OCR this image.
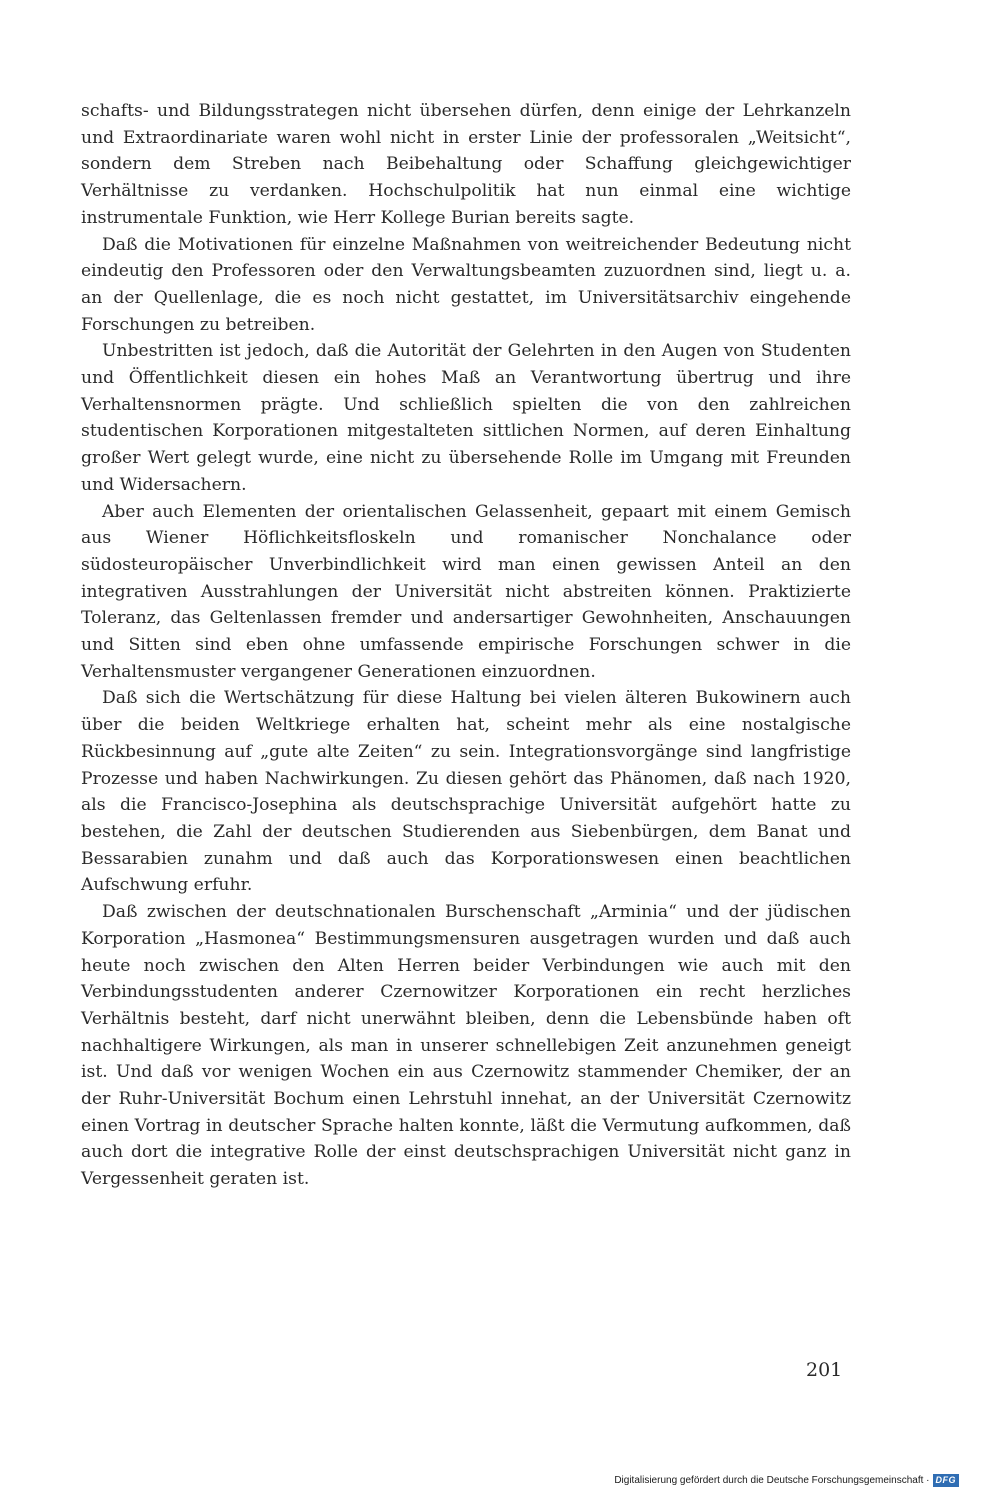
schafts- und Bildungsstrategen nicht übersehen dürfen, denn einige der Lehrkanzeln und Extraordinariate waren wohl nicht in erster Linie der professoralen „Weitsicht“, sondern dem Streben nach Beibehaltung oder Schaffung gleichgewichtiger Verhältnisse zu verdanken. Hochschulpolitik hat nun einmal eine wichtige instrumentale Funktion, wie Herr Kollege Burian bereits sagte.

Daß die Motivationen für einzelne Maßnahmen von weitreichender Bedeutung nicht eindeutig den Professoren oder den Verwaltungsbeamten zuzuordnen sind, liegt u. a. an der Quellenlage, die es noch nicht gestattet, im Universitätsarchiv eingehende Forschungen zu betreiben.

Unbestritten ist jedoch, daß die Autorität der Gelehrten in den Augen von Studenten und Öffentlichkeit diesen ein hohes Maß an Verantwortung übertrug und ihre Verhaltensnormen prägte. Und schließlich spielten die von den zahlreichen studentischen Korporationen mitgestalteten sittlichen Normen, auf deren Einhaltung großer Wert gelegt wurde, eine nicht zu übersehende Rolle im Umgang mit Freunden und Widersachern.

Aber auch Elementen der orientalischen Gelassenheit, gepaart mit einem Gemisch aus Wiener Höflichkeitsfloskeln und romanischer Nonchalance oder südosteuropäischer Unverbindlichkeit wird man einen gewissen Anteil an den integrativen Ausstrahlungen der Universität nicht abstreiten können. Praktizierte Toleranz, das Geltenlassen fremder und andersartiger Gewohnheiten, Anschauungen und Sitten sind eben ohne umfassende empirische Forschungen schwer in die Verhaltensmuster vergangener Generationen einzuordnen.

Daß sich die Wertschätzung für diese Haltung bei vielen älteren Bukowinern auch über die beiden Weltkriege erhalten hat, scheint mehr als eine nostalgische Rückbesinnung auf „gute alte Zeiten“ zu sein. Integrationsvorgänge sind langfristige Prozesse und haben Nachwirkungen. Zu diesen gehört das Phänomen, daß nach 1920, als die Francisco-Josephina als deutschsprachige Universität aufgehört hatte zu bestehen, die Zahl der deutschen Studierenden aus Siebenbürgen, dem Banat und Bessarabien zunahm und daß auch das Korporationswesen einen beachtlichen Aufschwung erfuhr.

Daß zwischen der deutschnationalen Burschenschaft „Arminia“ und der jüdischen Korporation „Hasmonea“ Bestimmungsmensuren ausgetragen wurden und daß auch heute noch zwischen den Alten Herren beider Verbindungen wie auch mit den Verbindungsstudenten anderer Czernowitzer Korporationen ein recht herzliches Verhältnis besteht, darf nicht unerwähnt bleiben, denn die Lebensbünde haben oft nachhaltigere Wirkungen, als man in unserer schnellebigen Zeit anzunehmen geneigt ist. Und daß vor wenigen Wochen ein aus Czernowitz stammender Chemiker, der an der Ruhr-Universität Bochum einen Lehrstuhl innehat, an der Universität Czernowitz einen Vortrag in deutscher Sprache halten konnte, läßt die Vermutung aufkommen, daß auch dort die integrative Rolle der einst deutschsprachigen Universität nicht ganz in Vergessenheit geraten ist.

201
Digitalisierung gefördert durch die Deutsche Forschungsgemeinschaft · DFG
